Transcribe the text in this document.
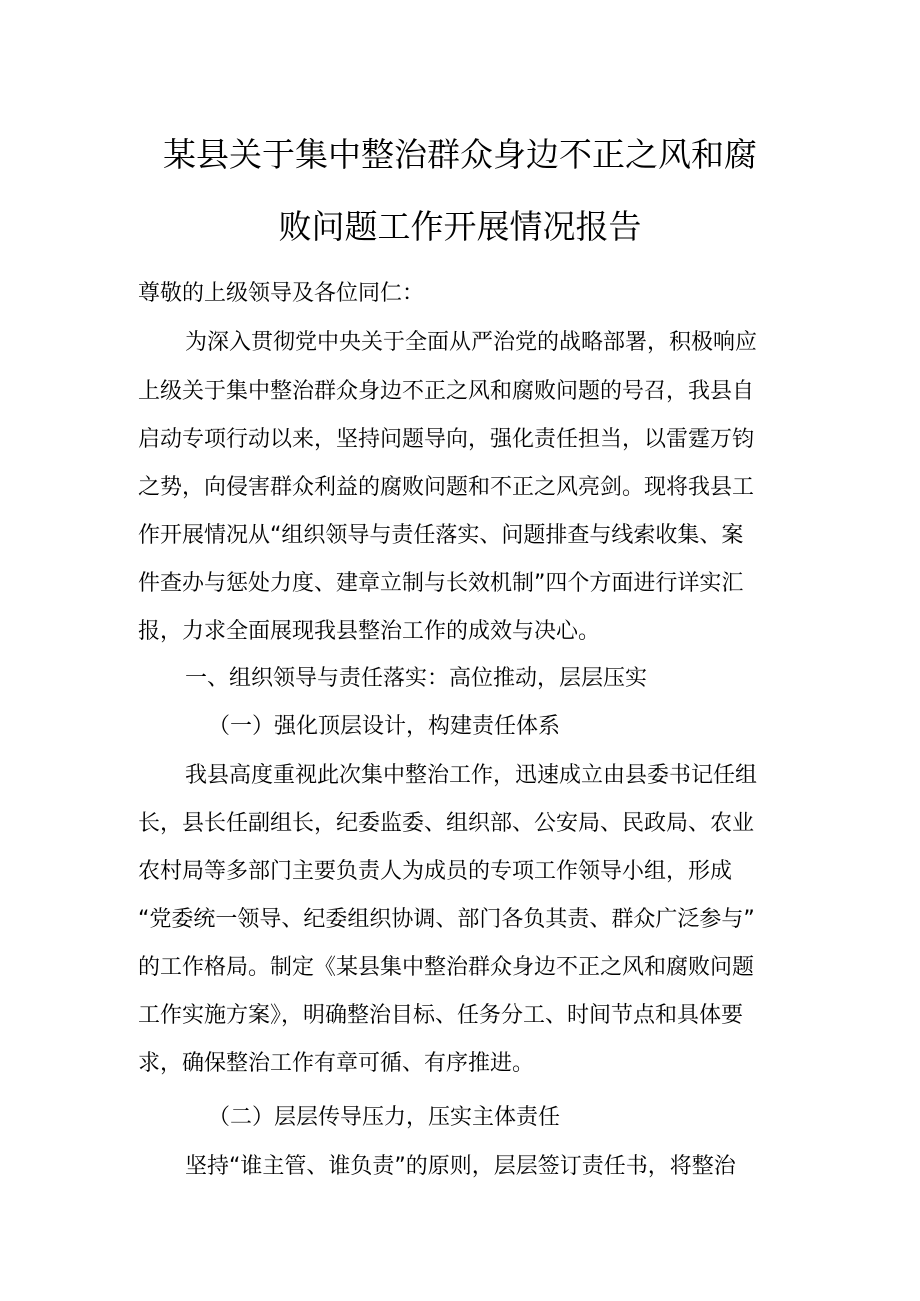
某县关于集中整治群众身边不正之风和腐
败问题工作开展情况报告
尊敬的上级领导及各位同仁：
为深入贯彻党中央关于全面从严治党的战略部署，积极响应
上级关于集中整治群众身边不正之风和腐败问题的号召，我县自
启动专项行动以来，坚持问题导向，强化责任担当，以雷霆万钧
之势，向侵害群众利益的腐败问题和不正之风亮剑。现将我县工
作开展情况从“组织领导与责任落实、问题排查与线索收集、案
件查办与惩处力度、建章立制与长效机制”四个方面进行详实汇
报，力求全面展现我县整治工作的成效与决心。
一、组织领导与责任落实：高位推动，层层压实
（一）强化顶层设计，构建责任体系
我县高度重视此次集中整治工作，迅速成立由县委书记任组
长，县长任副组长，纪委监委、组织部、公安局、民政局、农业
农村局等多部门主要负责人为成员的专项工作领导小组，形成
“党委统一领导、纪委组织协调、部门各负其责、群众广泛参与”
的工作格局。制定《某县集中整治群众身边不正之风和腐败问题
工作实施方案》，明确整治目标、任务分工、时间节点和具体要
求，确保整治工作有章可循、有序推进。
（二）层层传导压力，压实主体责任
坚持“谁主管、谁负责”的原则，层层签订责任书，将整治
